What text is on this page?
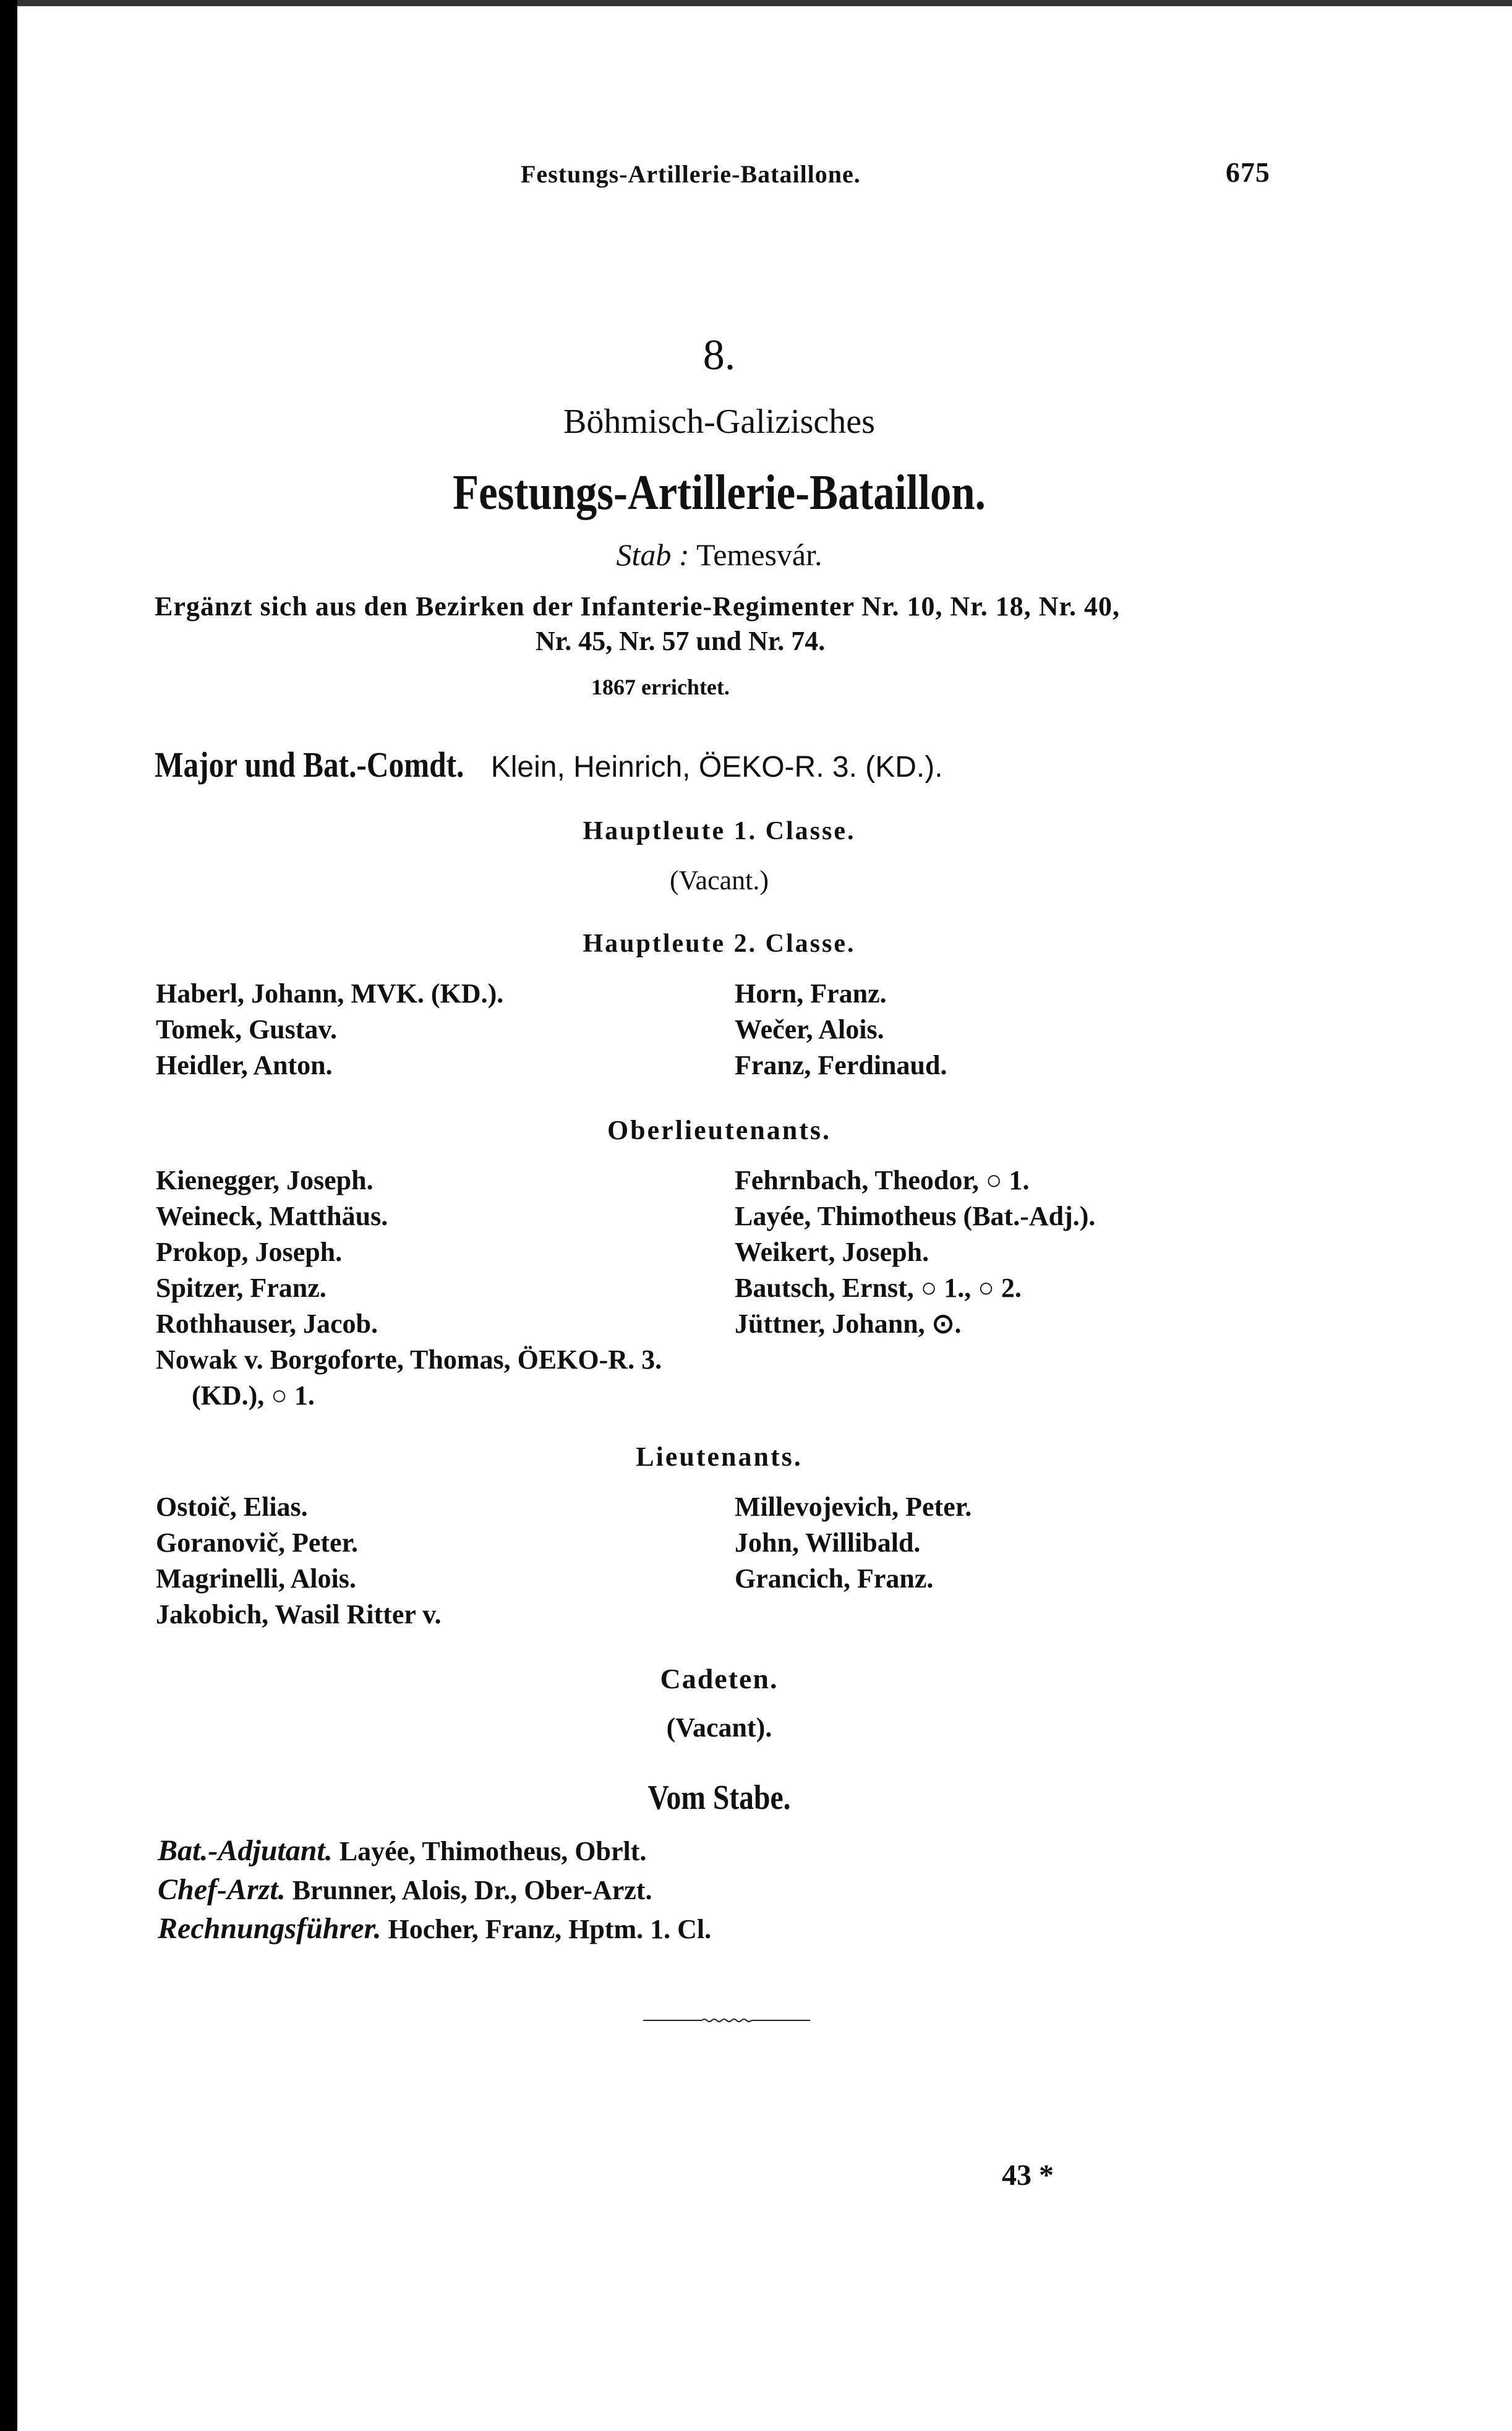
Festungs-Artillerie-Bataillone.	675
8.
Böhmisch-Galizisches
Festungs-Artillerie-Bataillon.
Stab : Temesvár.
Ergänzt sich aus den Bezirken der Infanterie-Regimenter Nr. 10, Nr. 18, Nr. 40,
Nr. 45, Nr. 57 und Nr. 74.
1867 errichtet.
Major und Bat.-Comdt. Klein, Heinrich, ÖEKO-R. 3. (KD.).
Hauptleute 1. Classe.
(Vacant.)
Hauptleute 2. Classe.
Haberl, Johann, MVK. (KD.).
Tomek, Gustav.
Heidler, Anton.
Horn, Franz.
Wečer, Alois.
Franz, Ferdinaud.
Oberlieutenants.
Kienegger, Joseph.
Weineck, Matthäus.
Prokop, Joseph.
Spitzer, Franz.
Rothhauser, Jacob.
Nowak v. Borgoforte, Thomas, ÖEKO-R. 3.
(KD.), ○ 1.
Fehrnbach, Theodor, ○ 1.
Layée, Thimotheus (Bat.-Adj.).
Weikert, Joseph.
Bautsch, Ernst, ○ 1., ○ 2.
Jüttner, Johann, ⊙.
Lieutenants.
Ostoič, Elias.
Goranovič, Peter.
Magrinelli, Alois.
Jakobich, Wasil Ritter v.
Millevojevich, Peter.
John, Willibald.
Grancich, Franz.
Cadeten.
(Vacant).
Vom Stabe.
Bat.-Adjutant. Layée, Thimotheus, Obrlt.
Chef-Arzt. Brunner, Alois, Dr., Ober-Arzt.
Rechnungsführer. Hocher, Franz, Hptm. 1. Cl.
43 *
